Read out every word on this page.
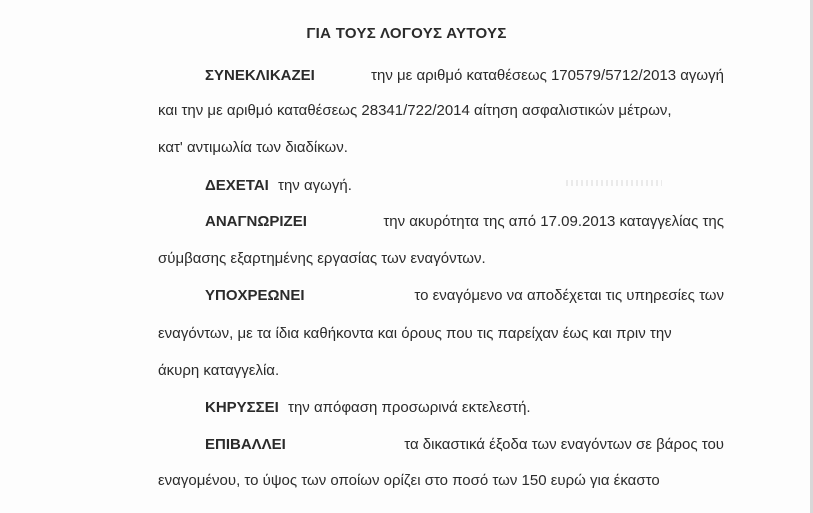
ΓΙΑ ΤΟΥΣ ΛΟΓΟΥΣ ΑΥΤΟΥΣ
ΣΥΝΕΚΛΙΚΑΖΕΙ	την με αριθμό καταθέσεως 170579/5712/2013 αγωγή
και την με αριθμό καταθέσεως 28341/722/2014 αίτηση ασφαλιστικών μέτρων,
κατ' αντιμωλία των διαδίκων.
ΔΕΧΕΤΑΙ την αγωγή.
ΑΝΑΓΝΩΡΙΖΕΙ	την ακυρότητα της από 17.09.2013 καταγγελίας της
σύμβασης εξαρτημένης εργασίας των εναγόντων.
ΥΠΟΧΡΕΩΝΕΙ	το εναγόμενο να αποδέχεται τις υπηρεσίες των
εναγόντων, με τα ίδια καθήκοντα και όρους που τις παρείχαν έως και πριν την
άκυρη καταγγελία.
ΚΗΡΥΣΣΕΙ την απόφαση προσωρινά εκτελεστή.
ΕΠΙΒΑΛΛΕΙ	τα δικαστικά έξοδα των εναγόντων σε βάρος του
εναγομένου, το ύψος των οποίων ορίζει στο ποσό των 150 ευρώ για έκαστο
